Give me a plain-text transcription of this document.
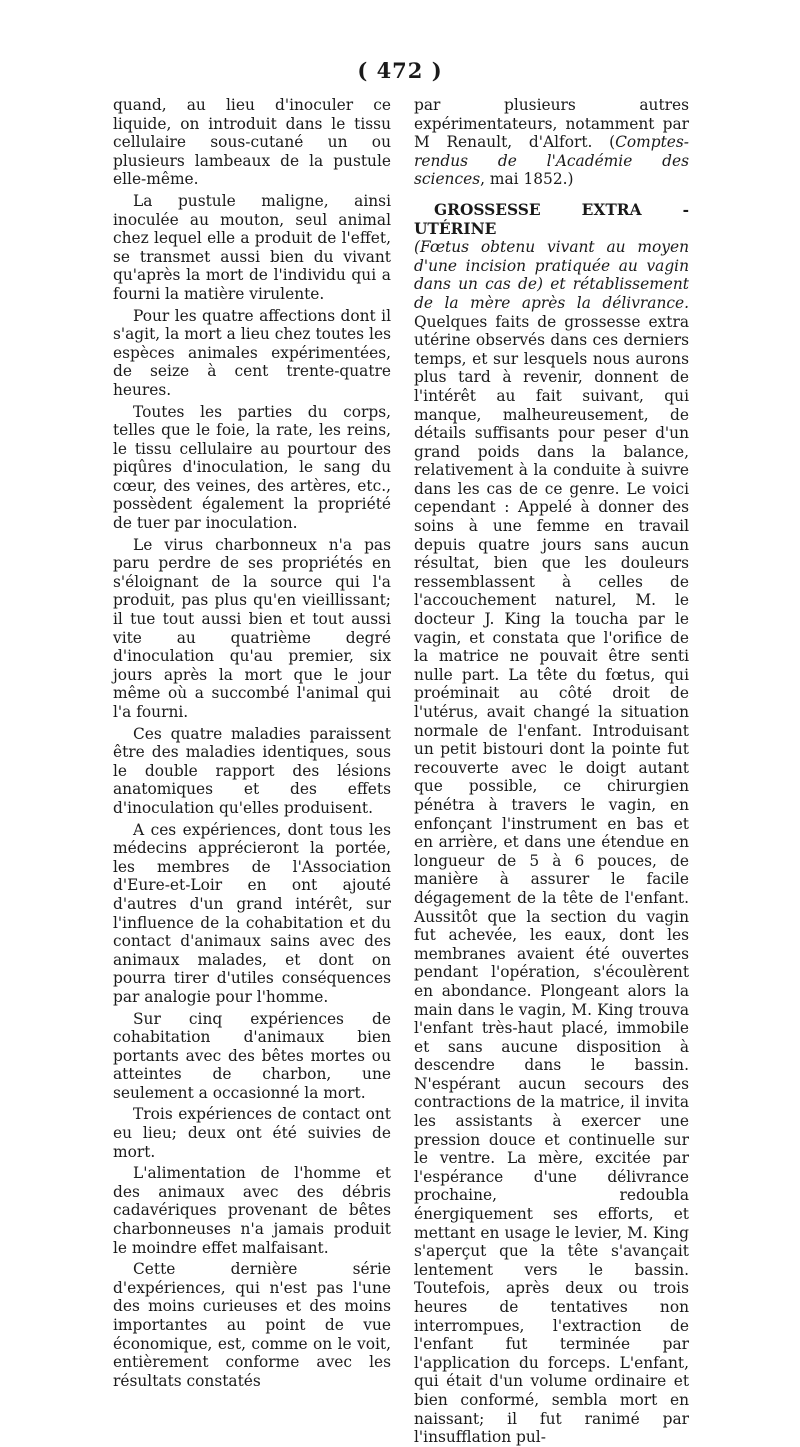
( 472 )

quand, au lieu d'inoculer ce liquide, on introduit dans le tissu cellulaire sous-cutané un ou plusieurs lambeaux de la pustule elle-même.

La pustule maligne, ainsi inoculée au mouton, seul animal chez lequel elle a produit de l'effet, se transmet aussi bien du vivant qu'après la mort de l'individu qui a fourni la matière virulente.

Pour les quatre affections dont il s'agit, la mort a lieu chez toutes les espèces animales expérimentées, de seize à cent trente-quatre heures.

Toutes les parties du corps, telles que le foie, la rate, les reins, le tissu cellulaire au pourtour des piqûres d'inoculation, le sang du cœur, des veines, des artères, etc., possèdent également la propriété de tuer par inoculation.

Le virus charbonneux n'a pas paru perdre de ses propriétés en s'éloignant de la source qui l'a produit, pas plus qu'en vieillissant; il tue tout aussi bien et tout aussi vite au quatrième degré d'inoculation qu'au premier, six jours après la mort que le jour même où a succombé l'animal qui l'a fourni.

Ces quatre maladies paraissent être des maladies identiques, sous le double rapport des lésions anatomiques et des effets d'inoculation qu'elles produisent.

A ces expériences, dont tous les médecins apprécieront la portée, les membres de l'Association d'Eure-et-Loir en ont ajouté d'autres d'un grand intérêt, sur l'influence de la cohabitation et du contact d'animaux sains avec des animaux malades, et dont on pourra tirer d'utiles conséquences par analogie pour l'homme.

Sur cinq expériences de cohabitation d'animaux bien portants avec des bêtes mortes ou atteintes de charbon, une seulement a occasionné la mort.

Trois expériences de contact ont eu lieu; deux ont été suivies de mort.

L'alimentation de l'homme et des animaux avec des débris cadavériques provenant de bêtes charbonneuses n'a jamais produit le moindre effet malfaisant.

Cette dernière série d'expériences, qui n'est pas l'une des moins curieuses et des moins importantes au point de vue économique, est, comme on le voit, entièrement conforme avec les résultats constatés

par plusieurs autres expérimentateurs, notamment par M Renault, d'Alfort. (Comptes-rendus de l'Académie des sciences, mai 1852.)

GROSSESSE EXTRA - UTÉRINE

(Fœtus obtenu vivant au moyen d'une incision pratiquée au vagin dans un cas de) et rétablissement de la mère après la délivrance. Quelques faits de grossesse extra utérine observés dans ces derniers temps, et sur lesquels nous aurons plus tard à revenir, donnent de l'intérêt au fait suivant, qui manque, malheureusement, de détails suffisants pour peser d'un grand poids dans la balance, relativement à la conduite à suivre dans les cas de ce genre. Le voici cependant : Appelé à donner des soins à une femme en travail depuis quatre jours sans aucun résultat, bien que les douleurs ressemblassent à celles de l'accouchement naturel, M. le docteur J. King la toucha par le vagin, et constata que l'orifice de la matrice ne pouvait être senti nulle part. La tête du fœtus, qui proéminait au côté droit de l'utérus, avait changé la situation normale de l'enfant. Introduisant un petit bistouri dont la pointe fut recouverte avec le doigt autant que possible, ce chirurgien pénétra à travers le vagin, en enfonçant l'instrument en bas et en arrière, et dans une étendue en longueur de 5 à 6 pouces, de manière à assurer le facile dégagement de la tête de l'enfant. Aussitôt que la section du vagin fut achevée, les eaux, dont les membranes avaient été ouvertes pendant l'opération, s'écoulèrent en abondance. Plongeant alors la main dans le vagin, M. King trouva l'enfant très-haut placé, immobile et sans aucune disposition à descendre dans le bassin. N'espérant aucun secours des contractions de la matrice, il invita les assistants à exercer une pression douce et continuelle sur le ventre. La mère, excitée par l'espérance d'une délivrance prochaine, redoubla énergiquement ses efforts, et mettant en usage le levier, M. King s'aperçut que la tête s'avançait lentement vers le bassin. Toutefois, après deux ou trois heures de tentatives non interrompues, l'extraction de l'enfant fut terminée par l'application du forceps. L'enfant, qui était d'un volume ordinaire et bien conformé, sembla mort en naissant; il fut ranimé par l'insufflation pul-
